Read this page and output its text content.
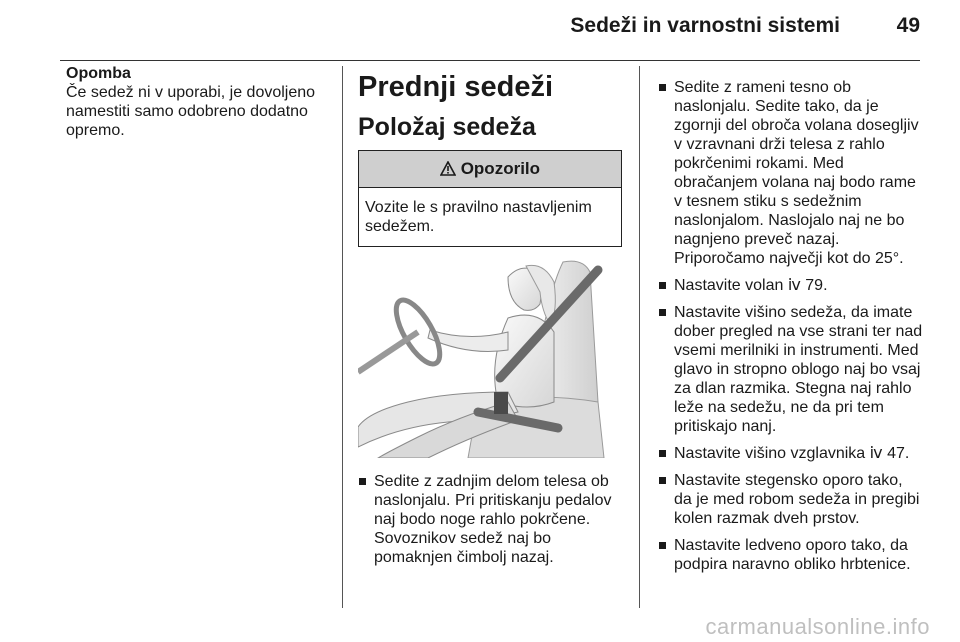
Sedeži in varnostni sistemi	49
Opomba
Če sedež ni v uporabi, je dovoljeno namestiti samo odobreno dodatno opremo.
Prednji sedeži
Položaj sedeža
Opozorilo
Vozite le s pravilno nastavljenim sedežem.
Sedite z zadnjim delom telesa ob naslonjalu. Pri pritiskanju pedalov naj bodo noge rahlo pokrčene. Sovoznikov sedež naj bo pomaknjen čimbolj nazaj.
Sedite z rameni tesno ob naslonjalu. Sedite tako, da je zgornji del obroča volana dosegljiv v vzravnani drži telesa z rahlo pokrčenimi rokami. Med obračanjem volana naj bodo rame v tesnem stiku s sedežnim naslonjalom. Naslojalo naj ne bo nagnjeno preveč nazaj. Priporočamo največji kot do 25°.
Nastavite volan ⅳ 79.
Nastavite višino sedeža, da imate dober pregled na vse strani ter nad vsemi merilniki in instrumenti. Med glavo in stropno oblogo naj bo vsaj za dlan razmika. Stegna naj rahlo leže na sedežu, ne da pri tem pritiskajo nanj.
Nastavite višino vzglavnika ⅳ 47.
Nastavite stegensko oporo tako, da je med robom sedeža in pregibi kolen razmak dveh prstov.
Nastavite ledveno oporo tako, da podpira naravno obliko hrbtenice.
carmanualsonline.info
